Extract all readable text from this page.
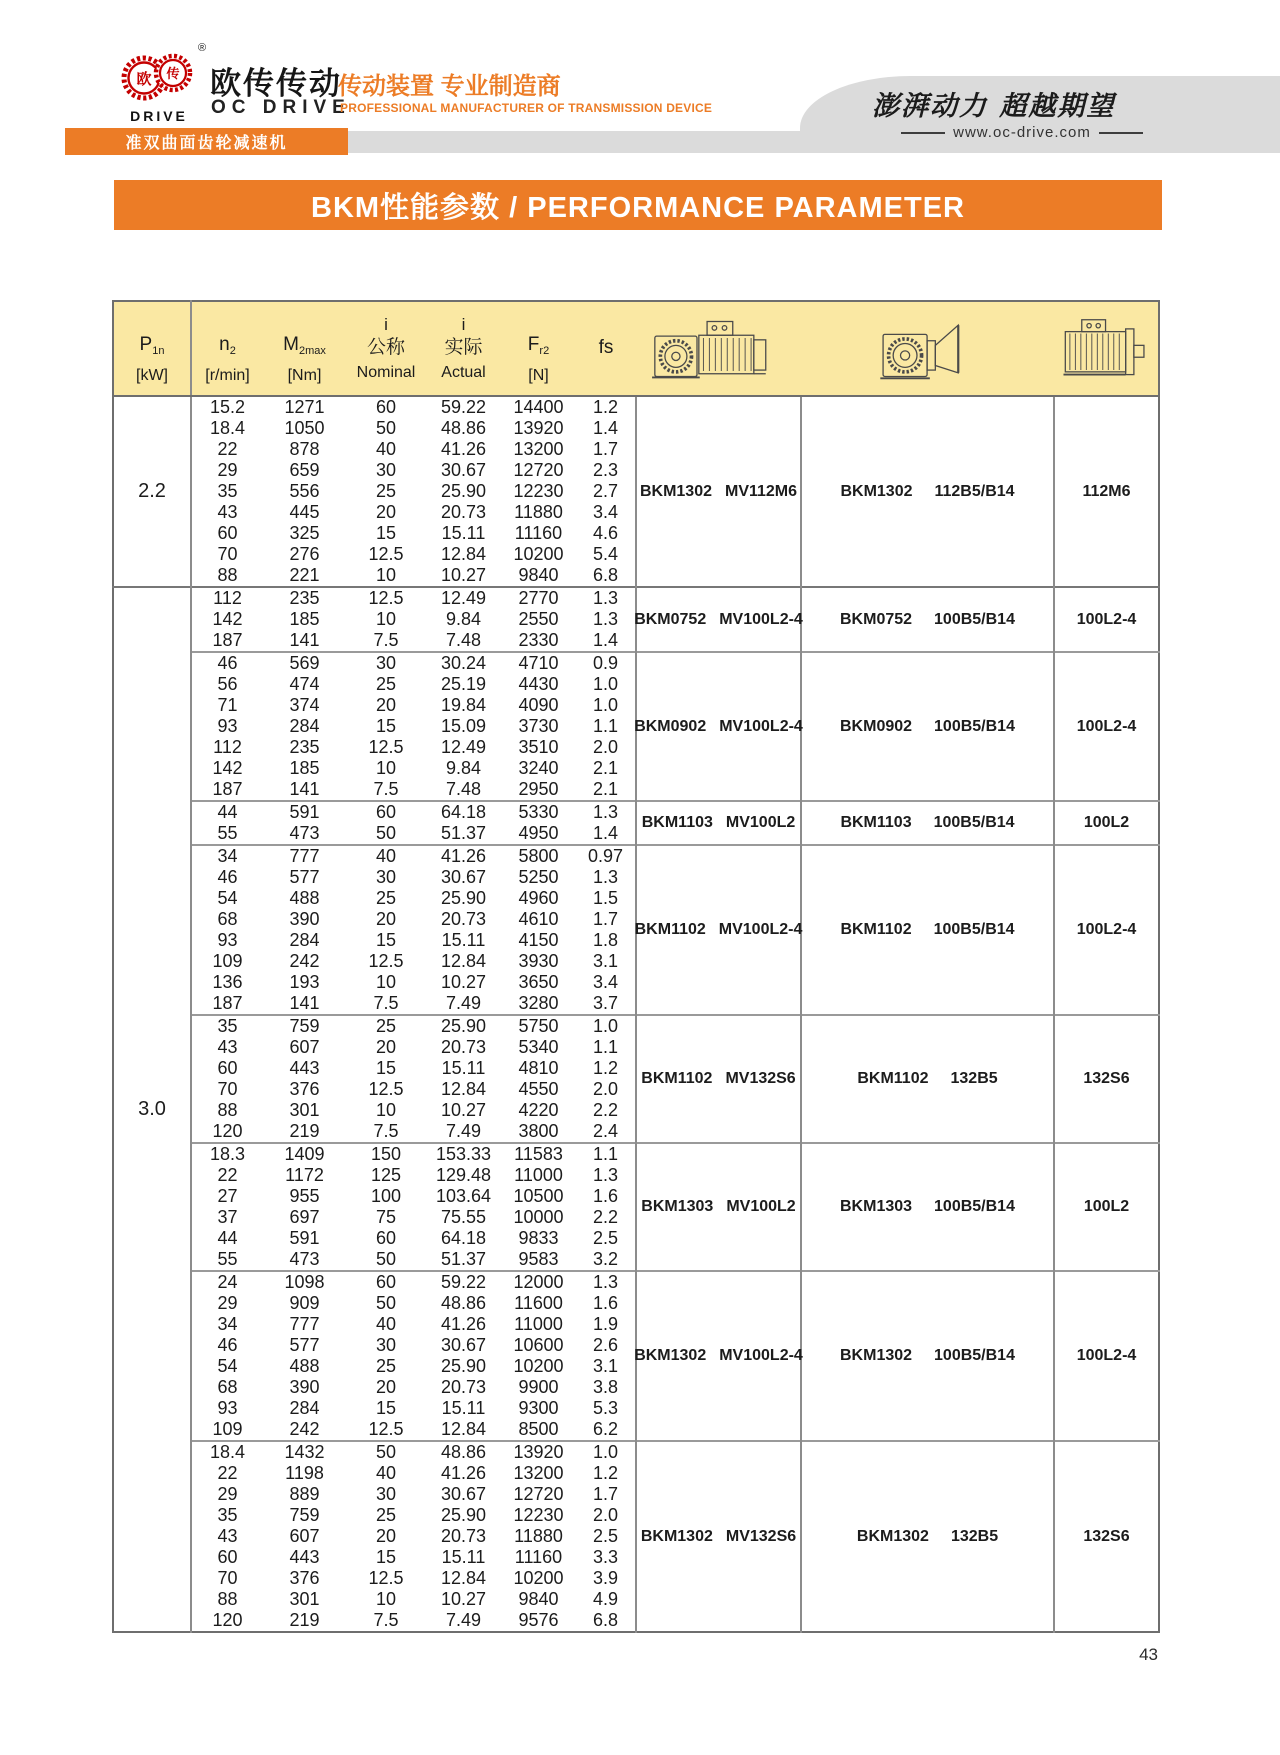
欧 传
®
DRIVE
欧传传动
OC DRIVE
传动装置 专业制造商
PROFESSIONAL MANUFACTURER OF TRANSMISSION DEVICE	澎湃动力 超越期望
www.oc-drive.com
准双曲面齿轮减速机
BKM性能参数 / PERFORMANCE PARAMETER

$P_{1n}$
[kW]

$n_2$
[r/min]

$M_{2max}$
[Nm]

i
公称
Nominal

i
实际
Actual

$F_{r2}$
[N]

fs

2.2	15.2	1271	60	59.22	14400	1.2	BKM1302 MV112M6	BKM1302 112B5/B14	112M6
	18.4	1050	50	48.86	13920	1.4			
	22	878	40	41.26	13200	1.7			
	29	659	30	30.67	12720	2.3			
	35	556	25	25.90	12230	2.7			
	43	445	20	20.73	11880	3.4			
	60	325	15	15.11	11160	4.6			
	70	276	12.5	12.84	10200	5.4			
	88	221	10	10.27	9840	6.8			
3.0	112	235	12.5	12.49	2770	1.3	BKM0752 MV100L2-4	BKM0752 100B5/B14	100L2-4
	142	185	10	9.84	2550	1.3			
	187	141	7.5	7.48	2330	1.4			
	46	569	30	30.24	4710	0.9	BKM0902 MV100L2-4	BKM0902 100B5/B14	100L2-4
	56	474	25	25.19	4430	1.0			
	71	374	20	19.84	4090	1.0			
	93	284	15	15.09	3730	1.1			
	112	235	12.5	12.49	3510	2.0			
	142	185	10	9.84	3240	2.1			
	187	141	7.5	7.48	2950	2.1			
	44	591	60	64.18	5330	1.3	BKM1103 MV100L2	BKM1103 100B5/B14	100L2
	55	473	50	51.37	4950	1.4			
	34	777	40	41.26	5800	0.97	BKM1102 MV100L2-4	BKM1102 100B5/B14	100L2-4
	46	577	30	30.67	5250	1.3			
	54	488	25	25.90	4960	1.5			
	68	390	20	20.73	4610	1.7			
	93	284	15	15.11	4150	1.8			
	109	242	12.5	12.84	3930	3.1			
	136	193	10	10.27	3650	3.4			
	187	141	7.5	7.49	3280	3.7			
	35	759	25	25.90	5750	1.0	BKM1102 MV132S6	BKM1102 132B5	132S6
	43	607	20	20.73	5340	1.1			
	60	443	15	15.11	4810	1.2			
	70	376	12.5	12.84	4550	2.0			
	88	301	10	10.27	4220	2.2			
	120	219	7.5	7.49	3800	2.4			
	18.3	1409	150	153.33	11583	1.1	BKM1303 MV100L2	BKM1303 100B5/B14	100L2
	22	1172	125	129.48	11000	1.3			
	27	955	100	103.64	10500	1.6			
	37	697	75	75.55	10000	2.2			
	44	591	60	64.18	9833	2.5			
	55	473	50	51.37	9583	3.2			
	24	1098	60	59.22	12000	1.3	BKM1302 MV100L2-4	BKM1302 100B5/B14	100L2-4
	29	909	50	48.86	11600	1.6			
	34	777	40	41.26	11000	1.9			
	46	577	30	30.67	10600	2.6			
	54	488	25	25.90	10200	3.1			
	68	390	20	20.73	9900	3.8			
	93	284	15	15.11	9300	5.3			
	109	242	12.5	12.84	8500	6.2			
	18.4	1432	50	48.86	13920	1.0	BKM1302 MV132S6	BKM1302 132B5	132S6
	22	1198	40	41.26	13200	1.2			
	29	889	30	30.67	12720	1.7			
	35	759	25	25.90	12230	2.0			
	43	607	20	20.73	11880	2.5			
	60	443	15	15.11	11160	3.3			
	70	376	12.5	12.84	10200	3.9			
	88	301	10	10.27	9840	4.9			
	120	219	7.5	7.49	9576	6.8			
43
